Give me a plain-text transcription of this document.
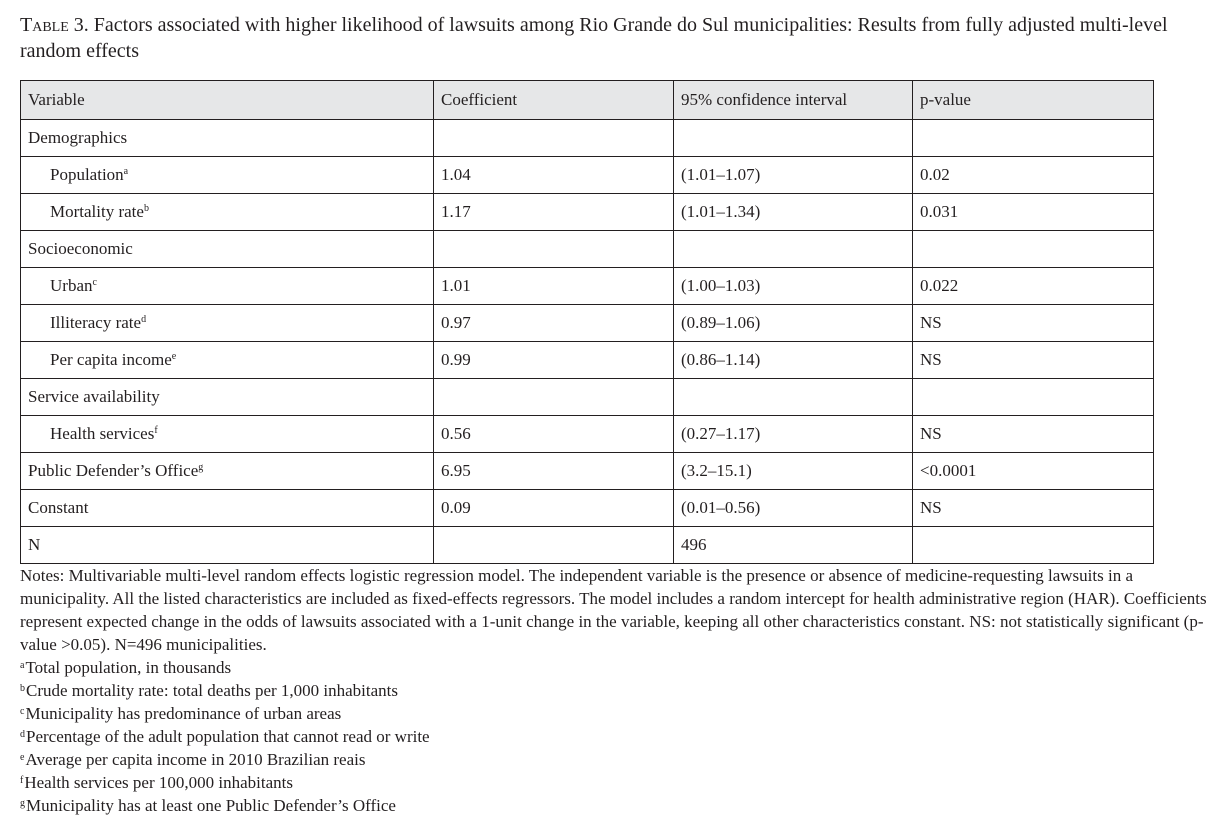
Table 3. Factors associated with higher likelihood of lawsuits among Rio Grande do Sul municipalities: Results from fully adjusted multi-level random effects
Variable	Coefficient	95% confidence interval	p-value
Demographics			
Population$^a$	1.04	(1.01–1.07)	0.02
Mortality rate$^b$	1.17	(1.01–1.34)	0.031
Socioeconomic			
Urban$^c$	1.01	(1.00–1.03)	0.022
Illiteracy rate$^d$	0.97	(0.89–1.06)	NS
Per capita income$^e$	0.99	(0.86–1.14)	NS
Service availability			
Health services$^f$	0.56	(0.27–1.17)	NS
Public Defender’s Office$^g$	6.95	(3.2–15.1)	<0.0001
Constant	0.09	(0.01–0.56)	NS
N		496	

Notes: Multivariable multi-level random effects logistic regression model. The independent variable is the presence or absence of medicine-requesting lawsuits in a municipality. All the listed characteristics are included as fixed-effects regressors. The model includes a random intercept for health administrative region (HAR). Coefficients represent expected change in the odds of lawsuits associated with a 1-unit change in the variable, keeping all other characteristics constant. NS: not statistically significant (p-value >0.05). N=496 municipalities.

$^a$Total population, in thousands

$^b$Crude mortality rate: total deaths per 1,000 inhabitants

$^c$Municipality has predominance of urban areas

$^d$Percentage of the adult population that cannot read or write

$^e$Average per capita income in 2010 Brazilian reais

$^f$Health services per 100,000 inhabitants

$^g$Municipality has at least one Public Defender’s Office
